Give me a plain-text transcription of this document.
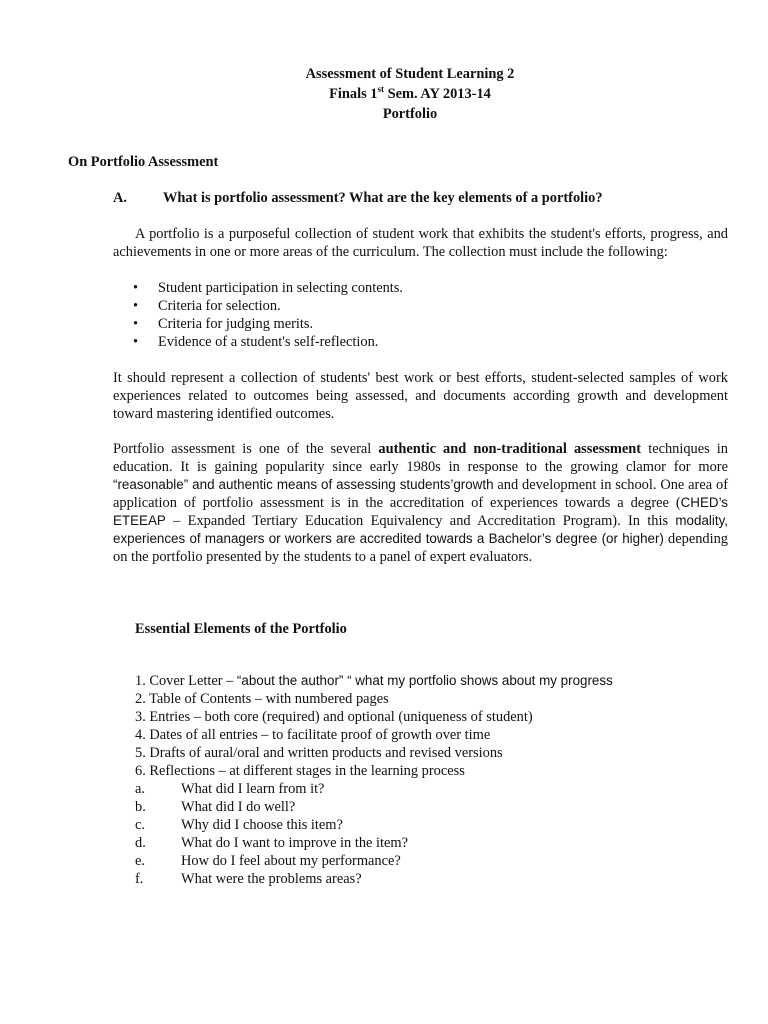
Assessment of Student Learning 2
Finals 1st Sem. AY 2013-14
Portfolio
On Portfolio Assessment
A.	What is portfolio assessment? What are the key elements of a portfolio?
A portfolio is a purposeful collection of student work that exhibits the student's efforts, progress, and achievements in one or more areas of the curriculum. The collection must include the following:
• Student participation in selecting contents.
• Criteria for selection.
• Criteria for judging merits.
• Evidence of a student's self-reflection.
It should represent a collection of students' best work or best efforts, student-selected samples of work experiences related to outcomes being assessed, and documents according growth and development toward mastering identified outcomes.
Portfolio assessment is one of the several authentic and non-traditional assessment techniques in education. It is gaining popularity since early 1980s in response to the growing clamor for more “reasonable” and authentic means of assessing students’growth and development in school. One area of application of portfolio assessment is in the accreditation of experiences towards a degree (CHED’s ETEEAP – Expanded Tertiary Education Equivalency and Accreditation Program). In this modality, experiences of managers or workers are accredited towards a Bachelor’s degree (or higher) depending on the portfolio presented by the students to a panel of expert evaluators.
Essential Elements of the Portfolio
1. Cover Letter – “about the author” “ what my portfolio shows about my progress
2. Table of Contents – with numbered pages
3. Entries – both core (required) and optional (uniqueness of student)
4. Dates of all entries – to facilitate proof of growth over time
5. Drafts of aural/oral and written products and revised versions
6. Reflections – at different stages in the learning process
a.	What did I learn from it?
b. What did I do well?
c.	Why did I choose this item?
d. What do I want to improve in the item?
e.	How do I feel about my performance?
f.	What were the problems areas?
